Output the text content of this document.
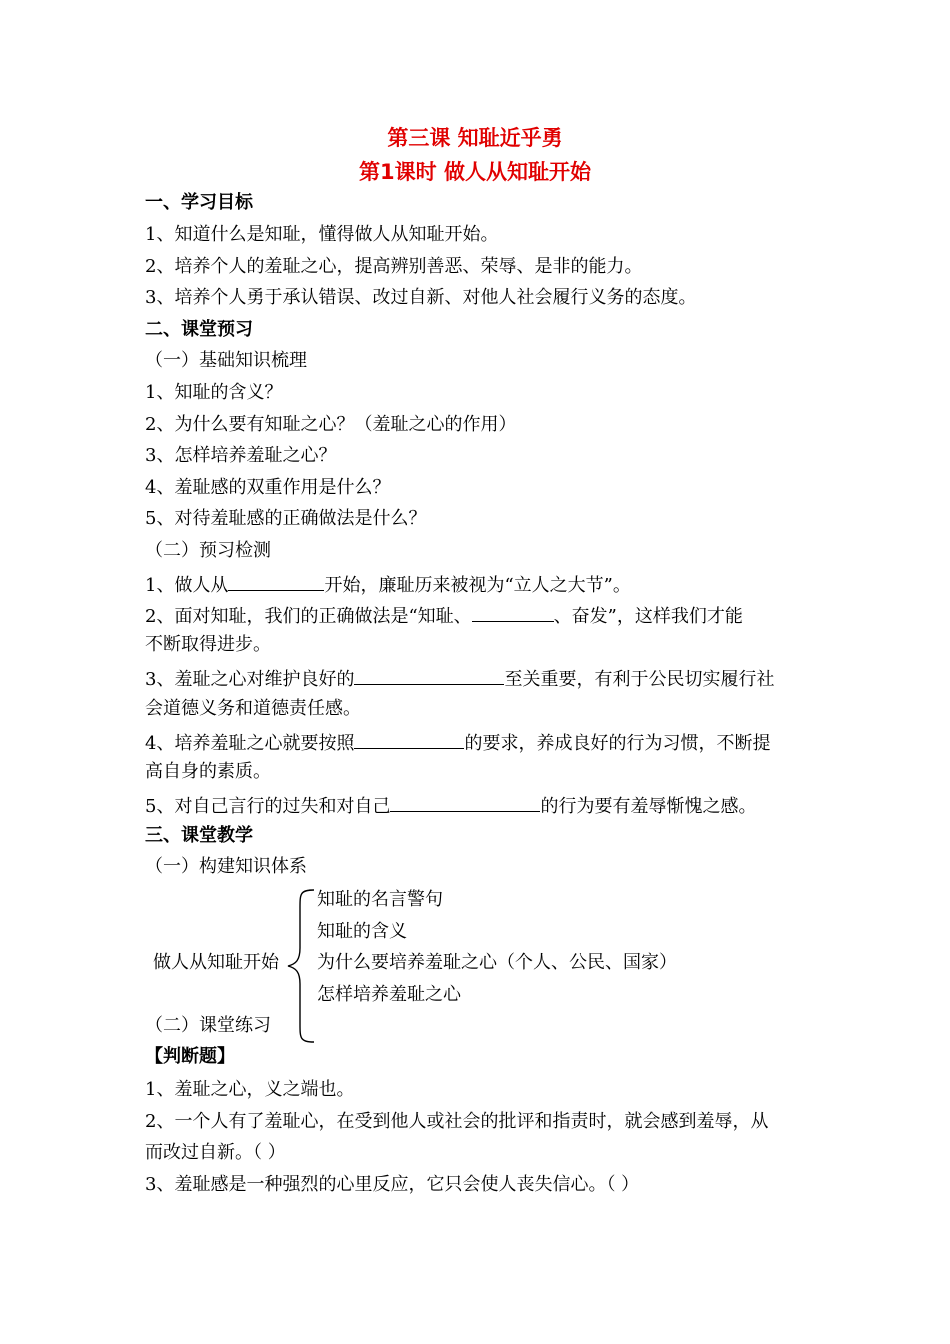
第三课 知耻近乎勇
第1课时 做人从知耻开始
一、学习目标
1、知道什么是知耻，懂得做人从知耻开始。
2、培养个人的羞耻之心，提高辨别善恶、荣辱、是非的能力。
3、培养个人勇于承认错误、改过自新、对他人社会履行义务的态度。
二、课堂预习
（一）基础知识梳理
1、知耻的含义？
2、为什么要有知耻之心？（羞耻之心的作用）
3、怎样培养羞耻之心？
4、羞耻感的双重作用是什么？
5、对待羞耻感的正确做法是什么？
（二）预习检测
1、做人从	开始，廉耻历来被视为“立人之大节”。
2、面对知耻，我们的正确做法是“知耻、	、奋发”，这样我们才能
不断取得进步。
3、羞耻之心对维护良好的	至关重要，有利于公民切实履行社
会道德义务和道德责任感。
4、培养羞耻之心就要按照	的要求，养成良好的行为习惯，不断提
高自身的素质。
5、对自己言行的过失和对自己	的行为要有羞辱惭愧之感。
三、课堂教学
（一）构建知识体系
做人从知耻开始
知耻的名言警句
知耻的含义
为什么要培养羞耻之心（个人、公民、国家）
怎样培养羞耻之心
（二）课堂练习
【判断题】
1、羞耻之心，义之端也。
2、一个人有了羞耻心，在受到他人或社会的批评和指责时，就会感到羞辱，从
而改过自新。（ ）
3、羞耻感是一种强烈的心里反应，它只会使人丧失信心。（ ）
